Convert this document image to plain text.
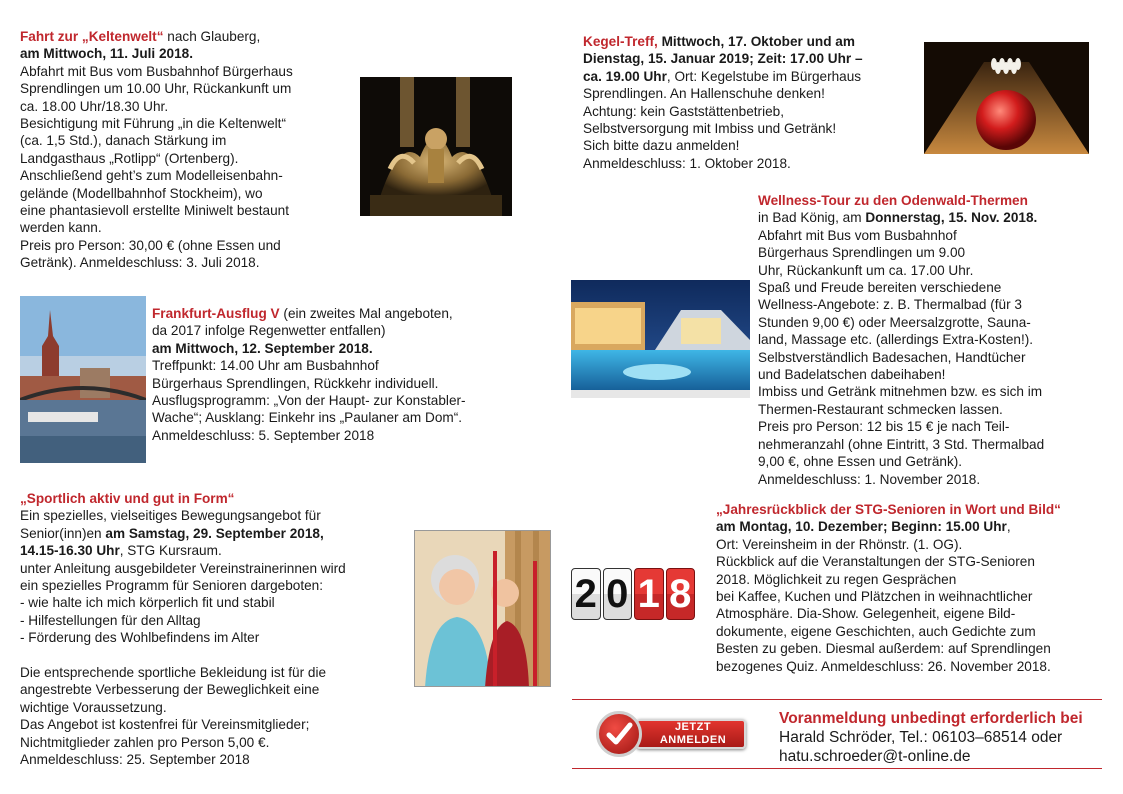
Fahrt zur „Keltenwelt“ nach Glauberg,
am Mittwoch, 11. Juli 2018.
Abfahrt mit Bus vom Busbahnhof Bürgerhaus
Sprendlingen um 10.00 Uhr, Rückankunft um
ca. 18.00 Uhr/18.30 Uhr.
Besichtigung mit Führung „in die Keltenwelt“
(ca. 1,5 Std.), danach Stärkung im
Landgasthaus „Rotlipp“ (Ortenberg).
Anschließend geht’s zum Modelleisenbahn-
gelände (Modellbahnhof Stockheim), wo
eine phantasievoll erstellte Miniwelt bestaunt
werden kann.
Preis pro Person: 30,00 € (ohne Essen und
Getränk). Anmeldeschluss: 3. Juli 2018.
Frankfurt-Ausflug V (ein zweites Mal angeboten,
da 2017 infolge Regenwetter entfallen)
am Mittwoch, 12. September 2018.
Treffpunkt: 14.00 Uhr am Busbahnhof
Bürgerhaus Sprendlingen, Rückkehr individuell.
Ausflugsprogramm: „Von der Haupt- zur Konstabler-
Wache“; Ausklang: Einkehr ins „Paulaner am Dom“.
Anmeldeschluss: 5. September 2018
„Sportlich aktiv und gut in Form“
Ein spezielles, vielseitiges Bewegungsangebot für
Senior(inn)en am Samstag, 29. September 2018,
14.15-16.30 Uhr, STG Kursraum.
unter Anleitung ausgebildeter Vereinstrainerinnen wird
ein spezielles Programm für Senioren dargeboten:
- wie halte ich mich körperlich fit und stabil
- Hilfestellungen für den Alltag
- Förderung des Wohlbefindens im Alter
Die entsprechende sportliche Bekleidung ist für die
angestrebte Verbesserung der Beweglichkeit eine
wichtige Voraussetzung.
Das Angebot ist kostenfrei für Vereinsmitglieder;
Nichtmitglieder zahlen pro Person 5,00 €.
Anmeldeschluss: 25. September 2018
Kegel-Treff, Mittwoch, 17. Oktober und am
Dienstag, 15. Januar 2019; Zeit: 17.00 Uhr –
ca. 19.00 Uhr, Ort: Kegelstube im Bürgerhaus
Sprendlingen. An Hallenschuhe denken!
Achtung: kein Gaststättenbetrieb,
Selbstversorgung mit Imbiss und Getränk!
Sich bitte dazu anmelden!
Anmeldeschluss: 1. Oktober 2018.
Wellness-Tour zu den Odenwald-Thermen
in Bad König, am Donnerstag, 15. Nov. 2018.
Abfahrt mit Bus vom Busbahnhof
Bürgerhaus Sprendlingen um 9.00
Uhr, Rückankunft um ca. 17.00 Uhr.
Spaß und Freude bereiten verschiedene
Wellness-Angebote: z. B. Thermalbad (für 3
Stunden 9,00 €) oder Meersalzgrotte, Sauna-
land, Massage etc. (allerdings Extra-Kosten!).
Selbstverständlich Badesachen, Handtücher
und Badelatschen dabeihaben!
Imbiss und Getränk mitnehmen bzw. es sich im
Thermen-Restaurant schmecken lassen.
Preis pro Person: 12 bis 15 € je nach Teil-
nehmeranzahl (ohne Eintritt, 3 Std. Thermalbad
9,00 €, ohne Essen und Getränk).
Anmeldeschluss: 1. November 2018.
„Jahresrückblick der STG-Senioren in Wort und Bild“
am Montag, 10. Dezember; Beginn: 15.00 Uhr,
Ort: Vereinsheim in der Rhönstr. (1. OG).
Rückblick auf die Veranstaltungen der STG-Senioren
2018. Möglichkeit zu regen Gesprächen
bei Kaffee, Kuchen und Plätzchen in weihnachtlicher
Atmosphäre. Dia-Show. Gelegenheit, eigene Bild-
dokumente, eigene Geschichten, auch Gedichte zum
Besten zu geben. Diesmal außerdem: auf Sprendlingen
bezogenes Quiz. Anmeldeschluss: 26. November 2018.
2 0 1 8
JETZT
ANMELDEN
Voranmeldung unbedingt erforderlich bei
Harald Schröder, Tel.: 06103–68514 oder
hatu.schroeder@t-online.de
